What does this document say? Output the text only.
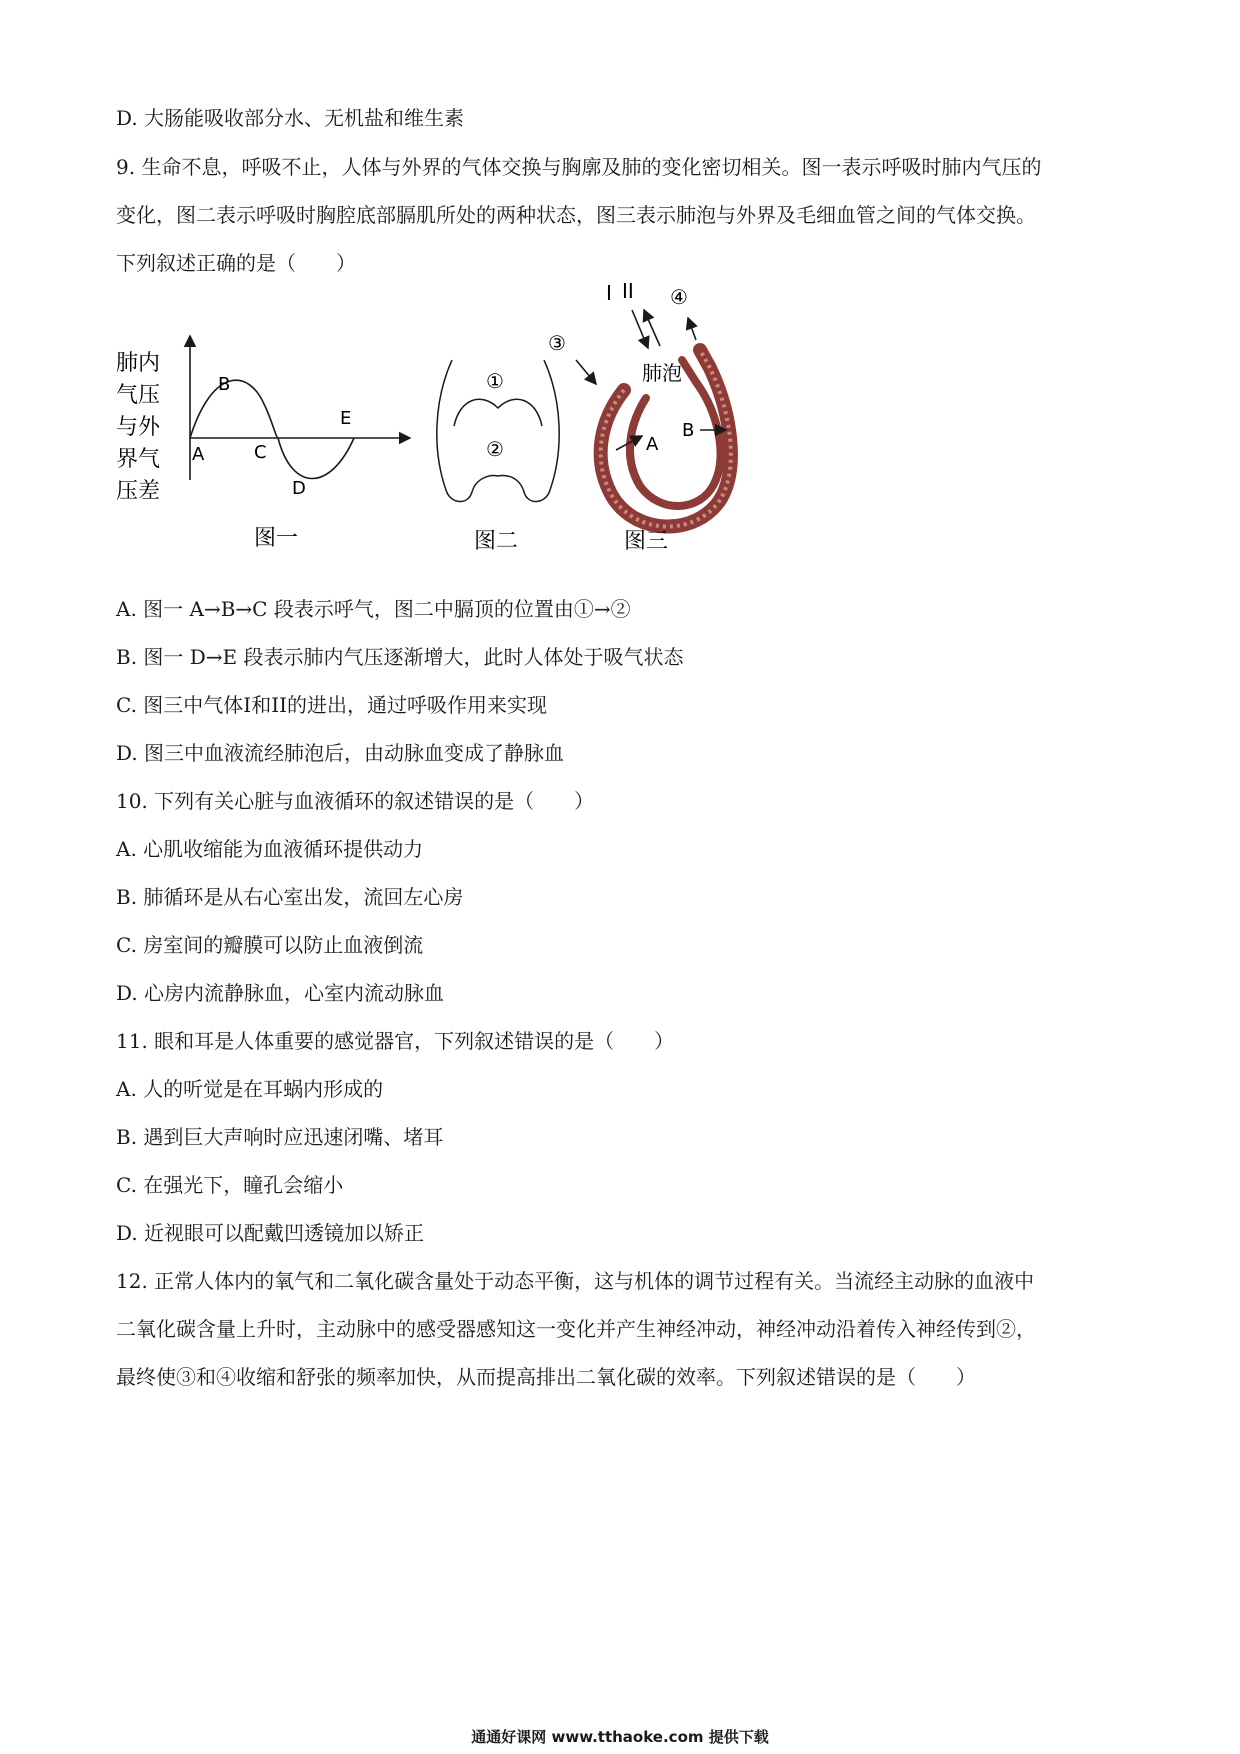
D. 大肠能吸收部分水、无机盐和维生素
9. 生命不息，呼吸不止，人体与外界的气体交换与胸廓及肺的变化密切相关。图一表示呼吸时肺内气压的
变化，图二表示呼吸时胸腔底部膈肌所处的两种状态，图三表示肺泡与外界及毛细血管之间的气体交换。
下列叙述正确的是（　　）
肺内
气压
与外
界气
压差
A
B
C
D
E
图一
①
②
图二
I II ④
③
肺泡
A
B
图三
A. 图一 A→B→C 段表示呼气，图二中膈顶的位置由①→②
B. 图一 D→E 段表示肺内气压逐渐增大，此时人体处于吸气状态
C. 图三中气体I和II的进出，通过呼吸作用来实现
D. 图三中血液流经肺泡后，由动脉血变成了静脉血
10. 下列有关心脏与血液循环的叙述错误的是（　　）
A. 心肌收缩能为血液循环提供动力
B. 肺循环是从右心室出发，流回左心房
C. 房室间的瓣膜可以防止血液倒流
D. 心房内流静脉血，心室内流动脉血
11. 眼和耳是人体重要的感觉器官，下列叙述错误的是（　　）
A. 人的听觉是在耳蜗内形成的
B. 遇到巨大声响时应迅速闭嘴、堵耳
C. 在强光下，瞳孔会缩小
D. 近视眼可以配戴凹透镜加以矫正
12. 正常人体内的氧气和二氧化碳含量处于动态平衡，这与机体的调节过程有关。当流经主动脉的血液中
二氧化碳含量上升时，主动脉中的感受器感知这一变化并产生神经冲动，神经冲动沿着传入神经传到②，
最终使③和④收缩和舒张的频率加快，从而提高排出二氧化碳的效率。下列叙述错误的是（　　）
通通好课网 www.tthaoke.com 提供下载
